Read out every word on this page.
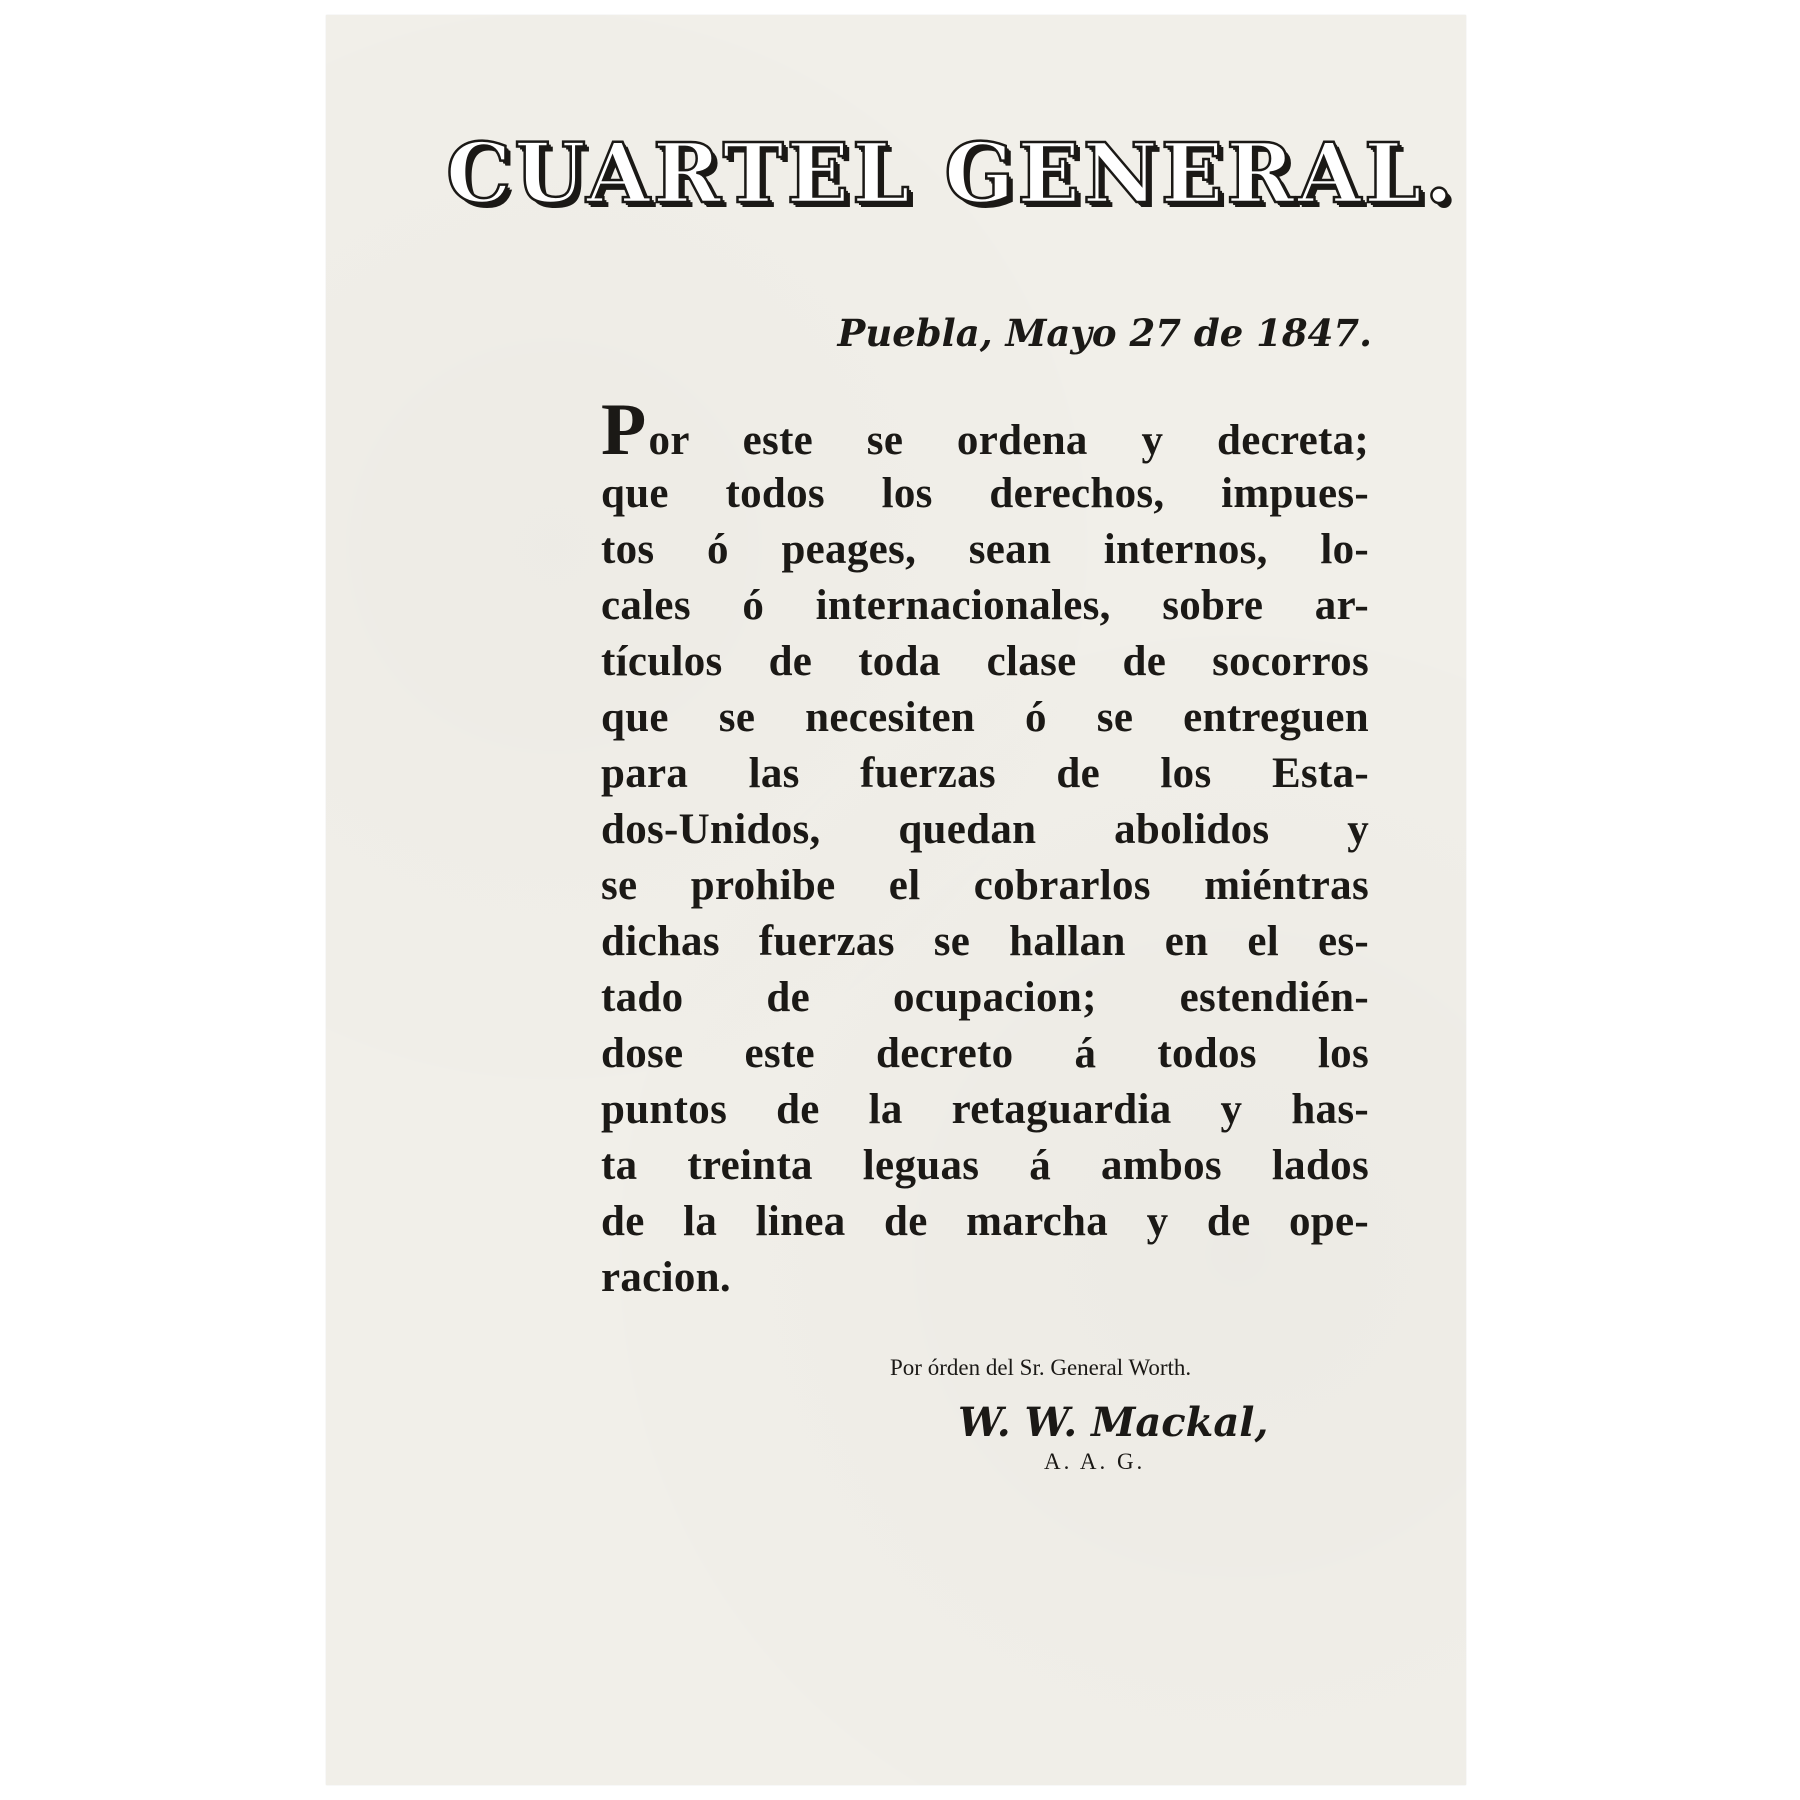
CUARTEL GENERAL.

Puebla, Mayo 27 de 1847.

Por este se ordena y decreta;
que todos los derechos, impues-
tos ó peages, sean internos, lo-
cales ó internacionales, sobre ar-
tículos de toda clase de socorros
que se necesiten ó se entreguen
para las fuerzas de los Esta-
dos-Unidos, quedan abolidos y
se prohibe el cobrarlos miéntras
dichas fuerzas se hallan en el es-
tado de ocupacion; estendién-
dose este decreto á todos los
puntos de la retaguardia y has-
ta treinta leguas á ambos lados
de la linea de marcha y de ope-
racion.

Por órden del Sr. General Worth.

W. W. Mackal,

A. A. G.
